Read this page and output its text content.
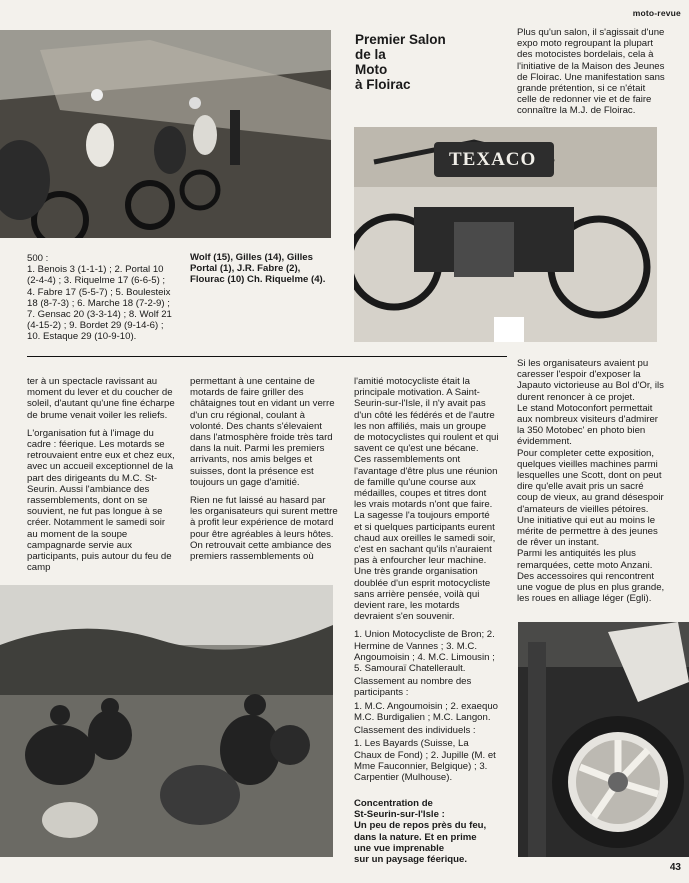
moto-revue
Premier Salon
de la
Moto
à Floirac
Plus qu'un salon, il s'agissait d'une expo moto regroupant la plupart des motocistes bordelais, cela à l'initiative de la Maison des Jeunes de Floirac. Une manifestation sans grande prétention, si ce n'était celle de redonner vie et de faire connaître la M.J. de Floirac.
TEXACO
500 :
1. Benois 3 (1-1-1) ; 2. Portal 10 (2-4-4) ; 3. Riquelme 17 (6-6-5) ; 4. Fabre 17 (5-5-7) ; 5. Boulesteix 18 (8-7-3) ; 6. Marche 18 (7-2-9) ; 7. Gensac 20 (3-3-14) ; 8. Wolf 21 (4-15-2) ; 9. Bordet 29 (9-14-6) ; 10. Estaque 29 (10-9-10).
Wolf (15), Gilles (14), Gilles Portal (1), J.R. Fabre (2), Flourac (10) Ch. Riquelme (4).

ter à un spectacle ravissant au moment du lever et du coucher de soleil, d'autant qu'une fine écharpe de brume venait voiler les reliefs.

L'organisation fut à l'image du cadre : féerique. Les motards se retrouvaient entre eux et chez eux, avec un accueil exceptionnel de la part des dirigeants du M.C. St-Seurin. Aussi l'ambiance des rassemblements, dont on se souvient, ne fut pas longue à se créer. Notamment le samedi soir au moment de la soupe campagnarde servie aux participants, puis autour du feu de camp

permettant à une centaine de motards de faire griller des châtaignes tout en vidant un verre d'un cru régional, coulant à volonté. Des chants s'élevaient dans l'atmosphère froide très tard dans la nuit. Parmi les premiers arrivants, nos amis belges et suisses, dont la présence est toujours un gage d'amitié.

Rien ne fut laissé au hasard par les organisateurs qui surent mettre à profit leur expérience de motard pour être agréables à leurs hôtes. On retrouvait cette ambiance des premiers rassemblements où

l'amitié motocycliste était la principale motivation. A Saint-Seurin-sur-l'Isle, il n'y avait pas d'un côté les fédérés et de l'autre les non affiliés, mais un groupe de motocyclistes qui roulent et qui savent ce qu'est une bécane.

Ces rassemblements ont l'avantage d'être plus une réunion de famille qu'une course aux médailles, coupes et titres dont les vrais motards n'ont que faire.

La sagesse l'a toujours emporté et si quelques participants eurent chaud aux oreilles le samedi soir, c'est en sachant qu'ils n'auraient pas à enfourcher leur machine.

Une très grande organisation doublée d'un esprit motocycliste sans arrière pensée, voilà qui devient rare, les motards devraient s'en souvenir.

1. Union Motocycliste de Bron; 2. Hermine de Vannes ; 3. M.C. Angoumoisin ; 4. M.C. Limousin ; 5. Samouraï Chatellerault.

Classement au nombre des participants :

1. M.C. Angoumoisin ; 2. exaequo M.C. Burdigalien ; M.C. Langon.

Classement des individuels :

1. Les Bayards (Suisse, La Chaux de Fond) ; 2. Jupille (M. et Mme Fauconnier, Belgique) ; 3. Carpentier (Mulhouse).

Concentration de
St-Seurin-sur-l'Isle :
Un peu de repos près du feu,
dans la nature. Et en prime
une vue imprenable
sur un paysage féerique.

Si les organisateurs avaient pu caresser l'espoir d'exposer la Japauto victorieuse au Bol d'Or, ils durent renoncer à ce projet.

Le stand Motoconfort permettait aux nombreux visiteurs d'admirer la 350 Motobec' en photo bien évidemment.

Pour completer cette exposition, quelques vieilles machines parmi lesquelles une Scott, dont on peut dire qu'elle avait pris un sacré coup de vieux, au grand désespoir d'amateurs de vieilles pétoires.

Une initiative qui eut au moins le mérite de permettre à des jeunes de rêver un instant.

Parmi les antiquités les plus remarquées, cette moto Anzani.

Des accessoires qui rencontrent une vogue de plus en plus grande, les roues en alliage léger (Egli).

43
